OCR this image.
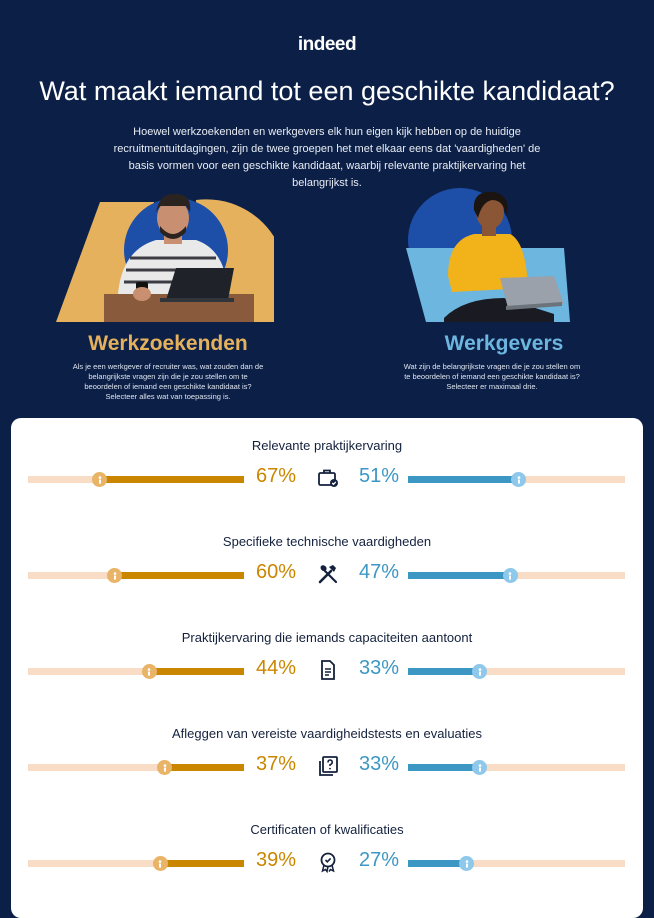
indeed
Wat maakt iemand tot een geschikte kandidaat?

Hoewel werkzoekenden en werkgevers elk hun eigen kijk hebben op de huidige recruitmentuitdagingen, zijn de twee groepen het met elkaar eens dat 'vaardigheden' de basis vormen voor een geschikte kandidaat, waarbij relevante praktijkervaring het belangrijkst is.

Werkzoekenden	Werkgevers

Als je een werkgever of recruiter was, wat zouden dan de belangrijkste vragen zijn die je zou stellen om te beoordelen of iemand een geschikte kandidaat is? Selecteer alles wat van toepassing is.

Wat zijn de belangrijkste vragen die je zou stellen om te beoordelen of iemand een geschikte kandidaat is? Selecteer er maximaal drie.

Relevante praktijkervaring
67%	51%
Specifieke technische vaardigheden
60%	47%
Praktijkervaring die iemands capaciteiten aantoont
44%	33%
Afleggen van vereiste vaardigheidstests en evaluaties
37%	33%
Certificaten of kwalificaties
39%	27%
